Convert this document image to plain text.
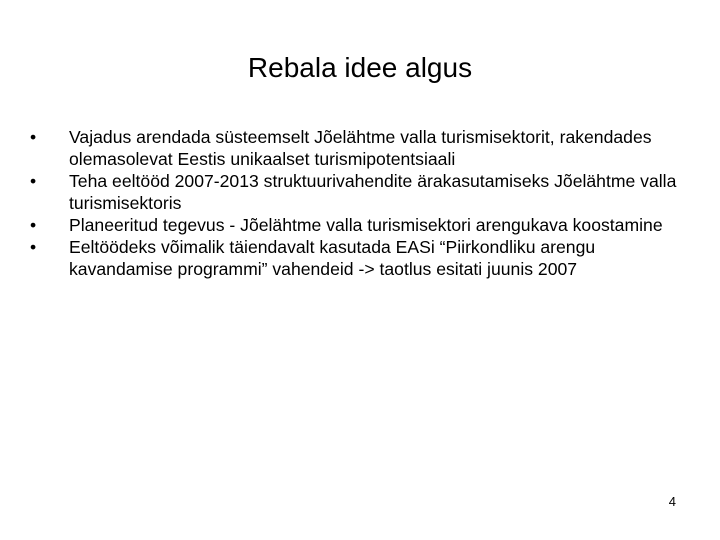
Rebala idee algus
•	Vajadus arendada süsteemselt Jõelähtme valla turismisektorit, rakendades olemasolevat Eestis unikaalset turismipotentsiaali
•	Teha eeltööd 2007-2013 struktuurivahendite ärakasutamiseks Jõelähtme valla turismisektoris
•	Planeeritud tegevus - Jõelähtme valla turismisektori arengukava koostamine
•	Eeltöödeks võimalik täiendavalt kasutada EASi “Piirkondliku arengu kavandamise programmi” vahendeid -> taotlus esitati juunis 2007
4
